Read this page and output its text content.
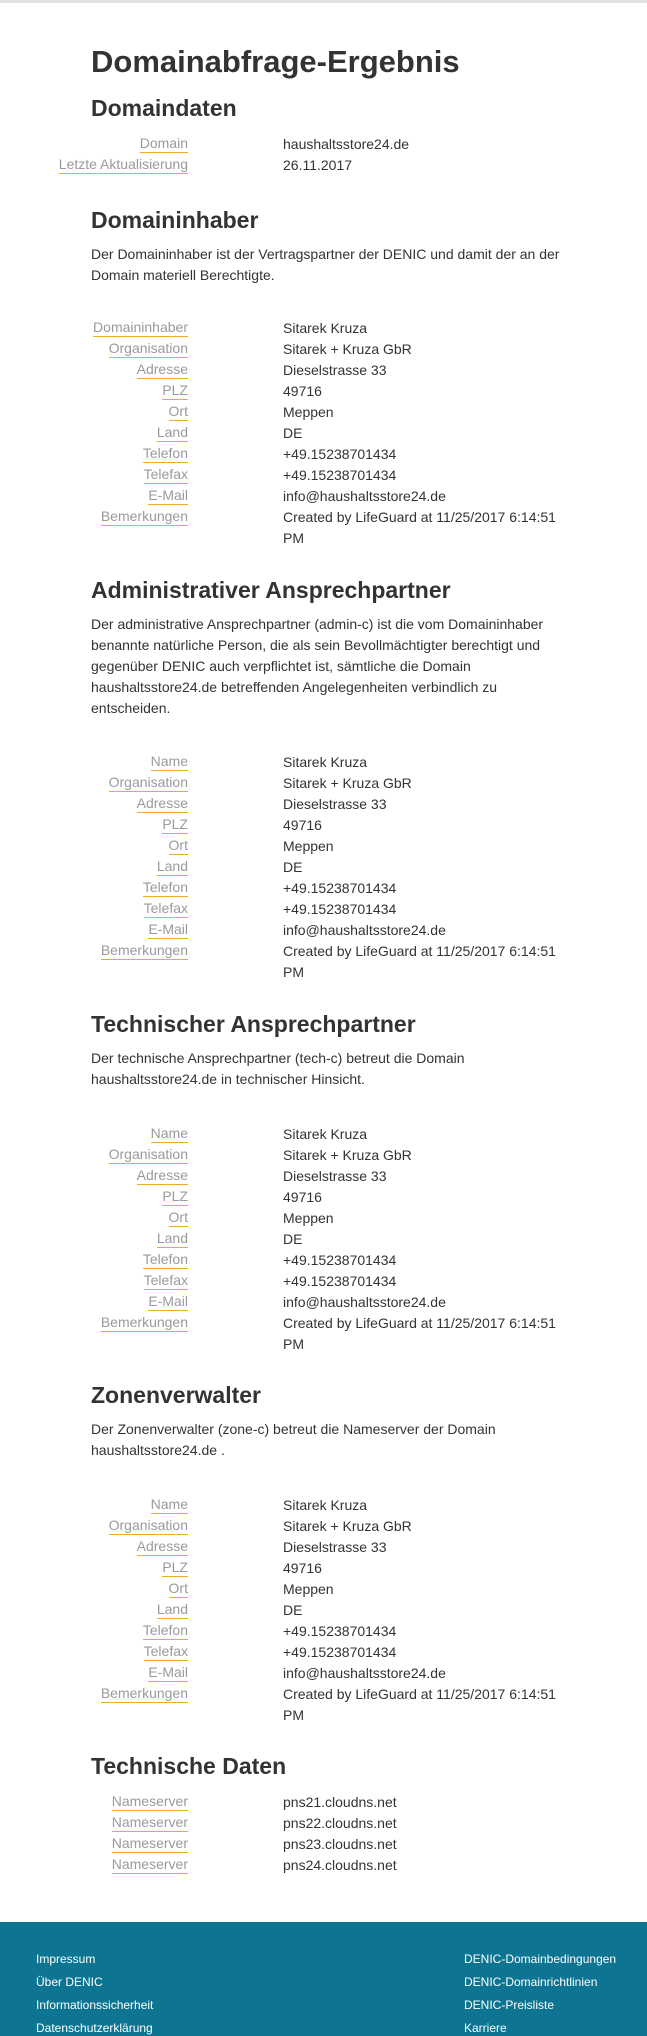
Domainabfrage-Ergebnis
Domaindaten
Domain	haushaltsstore24.de
Letzte Aktualisierung	26.11.2017
Domaininhaber

Der Domaininhaber ist der Vertragspartner der DENIC und damit der an der Domain materiell Berechtigte.

Domaininhaber	Sitarek Kruza
Organisation	Sitarek + Kruza GbR
Adresse	Dieselstrasse 33
PLZ	49716
Ort	Meppen
Land	DE
Telefon	+49.15238701434
Telefax	+49.15238701434
E-Mail	info@haushaltsstore24.de
Bemerkungen	Created by LifeGuard at 11/25/2017 6:14:51 PM
Administrativer Ansprechpartner

Der administrative Ansprechpartner (admin-c) ist die vom Domaininhaber benannte natürliche Person, die als sein Bevollmächtigter berechtigt und gegenüber DENIC auch verpflichtet ist, sämtliche die Domain haushaltsstore24.de betreffenden Angelegenheiten verbindlich zu entscheiden.

Name	Sitarek Kruza
Organisation	Sitarek + Kruza GbR
Adresse	Dieselstrasse 33
PLZ	49716
Ort	Meppen
Land	DE
Telefon	+49.15238701434
Telefax	+49.15238701434
E-Mail	info@haushaltsstore24.de
Bemerkungen	Created by LifeGuard at 11/25/2017 6:14:51 PM
Technischer Ansprechpartner

Der technische Ansprechpartner (tech-c) betreut die Domain haushaltsstore24.de in technischer Hinsicht.

Name	Sitarek Kruza
Organisation	Sitarek + Kruza GbR
Adresse	Dieselstrasse 33
PLZ	49716
Ort	Meppen
Land	DE
Telefon	+49.15238701434
Telefax	+49.15238701434
E-Mail	info@haushaltsstore24.de
Bemerkungen	Created by LifeGuard at 11/25/2017 6:14:51 PM
Zonenverwalter

Der Zonenverwalter (zone-c) betreut die Nameserver der Domain haushaltsstore24.de .

Name	Sitarek Kruza
Organisation	Sitarek + Kruza GbR
Adresse	Dieselstrasse 33
PLZ	49716
Ort	Meppen
Land	DE
Telefon	+49.15238701434
Telefax	+49.15238701434
E-Mail	info@haushaltsstore24.de
Bemerkungen	Created by LifeGuard at 11/25/2017 6:14:51 PM
Technische Daten
Nameserver	pns21.cloudns.net
Nameserver	pns22.cloudns.net
Nameserver	pns23.cloudns.net
Nameserver	pns24.cloudns.net
Impressum
Über DENIC
Informationssicherheit
Datenschutzerklärung
DENIC-Domainbedingungen
DENIC-Domainrichtlinien
DENIC-Preisliste
Karriere
